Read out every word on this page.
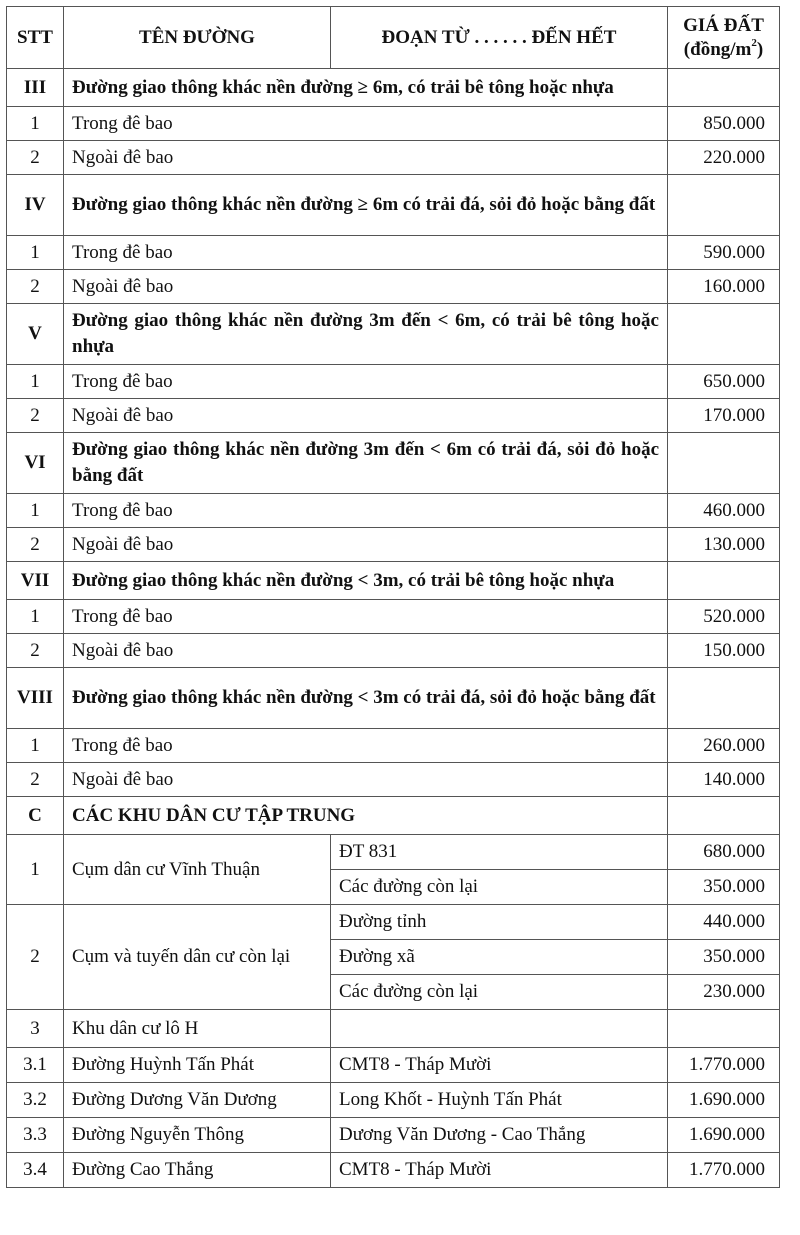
STT	TÊN ĐƯỜNG	ĐOẠN TỪ . . . . . . ĐẾN HẾT	GIÁ ĐẤT
$(đồng/m^2)$

III	Đường giao thông khác nền đường ≥ 6m, có trải bê tông hoặc nhựa		
1	Trong đê bao		850.000
2	Ngoài đê bao		220.000
IV	Đường giao thông khác nền đường ≥ 6m có trải đá, sỏi đỏ hoặc bằng đất		
1	Trong đê bao		590.000
2	Ngoài đê bao		160.000
V	Đường giao thông khác nền đường 3m đến < 6m, có trải bê tông hoặc nhựa		
1	Trong đê bao		650.000
2	Ngoài đê bao		170.000
VI	Đường giao thông khác nền đường 3m đến < 6m có trải đá, sỏi đỏ hoặc bằng đất		
1	Trong đê bao		460.000
2	Ngoài đê bao		130.000
VII	Đường giao thông khác nền đường < 3m, có trải bê tông hoặc nhựa		
1	Trong đê bao		520.000
2	Ngoài đê bao		150.000
VIII	Đường giao thông khác nền đường < 3m có trải đá, sỏi đỏ hoặc bằng đất		
1	Trong đê bao		260.000
2	Ngoài đê bao		140.000
C	CÁC KHU DÂN CƯ TẬP TRUNG		
1	Cụm dân cư Vĩnh Thuận	ĐT 831	680.000
		Các đường còn lại	350.000
2	Cụm và tuyến dân cư còn lại	Đường tỉnh	440.000
		Đường xã	350.000
		Các đường còn lại	230.000
3	Khu dân cư lô H		
3.1	Đường Huỳnh Tấn Phát	CMT8 - Tháp Mười	1.770.000
3.2	Đường Dương Văn Dương	Long Khốt - Huỳnh Tấn Phát	1.690.000
3.3	Đường Nguyễn Thông	Dương Văn Dương - Cao Thắng	1.690.000
3.4	Đường Cao Thắng	CMT8 - Tháp Mười	1.770.000
